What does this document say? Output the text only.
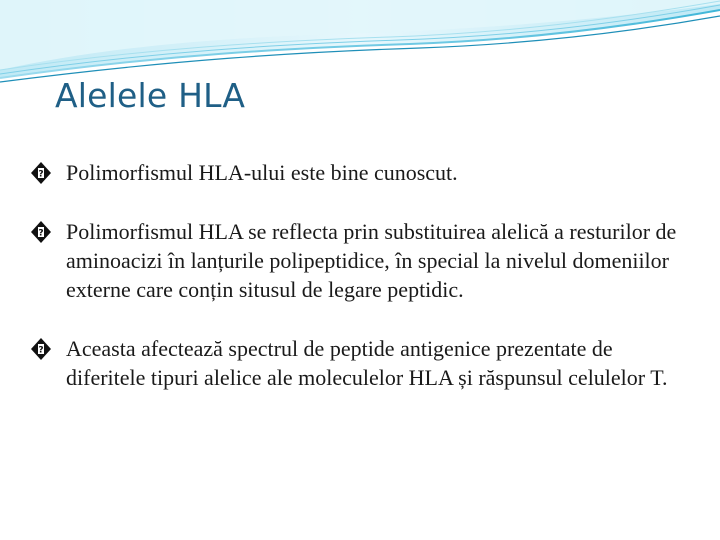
Alelele HLA
? Polimorfismul HLA-ului este bine cunoscut.
? Polimorfismul HLA se reflecta prin substituirea alelică a resturilor de aminoacizi în lanțurile polipeptidice, în special la nivelul domeniilor externe care conțin situsul de legare peptidic.
? Aceasta afectează spectrul de peptide antigenice prezentate de diferitele tipuri alelice ale moleculelor HLA și răspunsul celulelor T.
